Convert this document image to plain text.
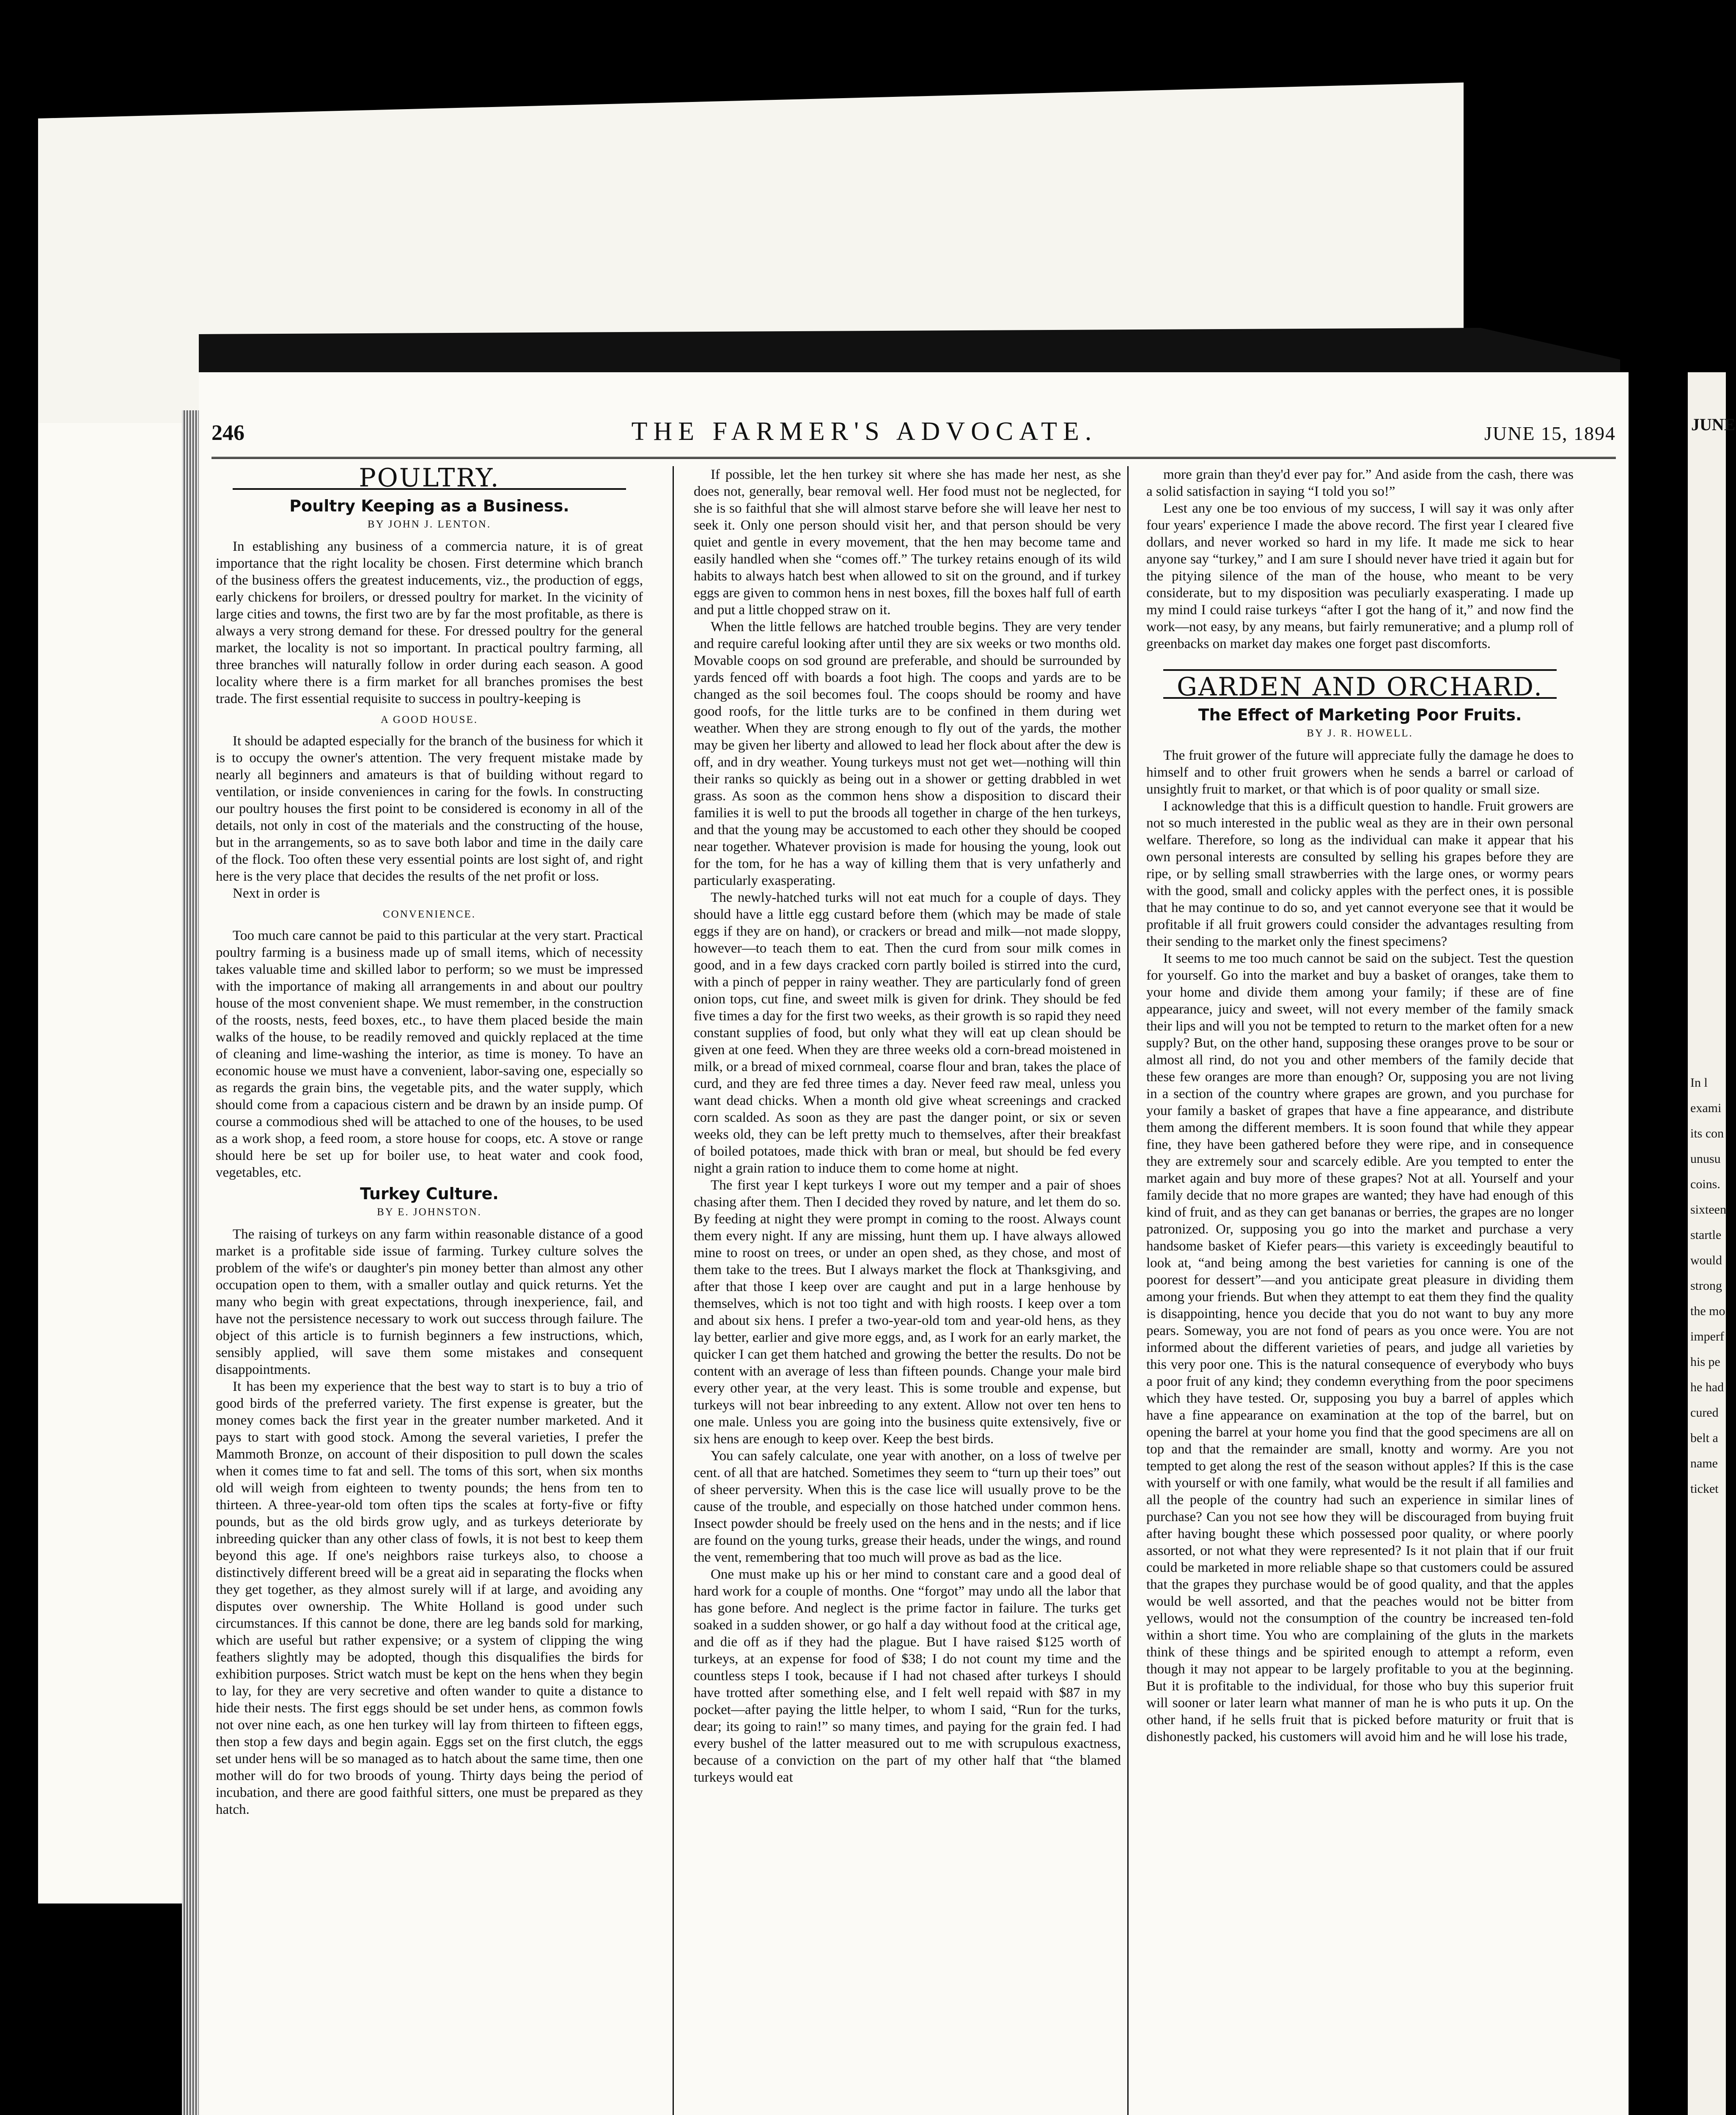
246	THE FARMER'S ADVOCATE.	JUNE 15, 1894
POULTRY.
Poultry Keeping as a Business.
BY JOHN J. LENTON.

In establishing any business of a commercia nature, it is of great importance that the right locality be chosen. First determine which branch of the business offers the greatest inducements, viz., the production of eggs, early chickens for broilers, or dressed poultry for market. In the vicinity of large cities and towns, the first two are by far the most profitable, as there is always a very strong demand for these. For dressed poultry for the general market, the locality is not so important. In practical poultry farming, all three branches will naturally follow in order during each season. A good locality where there is a firm market for all branches promises the best trade. The first essential requisite to success in poultry-keeping is

A GOOD HOUSE.

It should be adapted especially for the branch of the business for which it is to occupy the owner's attention. The very frequent mistake made by nearly all beginners and amateurs is that of building without regard to ventilation, or inside conveniences in caring for the fowls. In constructing our poultry houses the first point to be considered is economy in all of the details, not only in cost of the materials and the constructing of the house, but in the arrangements, so as to save both labor and time in the daily care of the flock. Too often these very essential points are lost sight of, and right here is the very place that decides the results of the net profit or loss.

Next in order is

CONVENIENCE.

Too much care cannot be paid to this particular at the very start. Practical poultry farming is a business made up of small items, which of necessity takes valuable time and skilled labor to perform; so we must be impressed with the importance of making all arrangements in and about our poultry house of the most convenient shape. We must remember, in the construction of the roosts, nests, feed boxes, etc., to have them placed beside the main walks of the house, to be readily removed and quickly replaced at the time of cleaning and lime-washing the interior, as time is money. To have an economic house we must have a convenient, labor-saving one, especially so as regards the grain bins, the vegetable pits, and the water supply, which should come from a capacious cistern and be drawn by an inside pump. Of course a commodious shed will be attached to one of the houses, to be used as a work shop, a feed room, a store house for coops, etc. A stove or range should here be set up for boiler use, to heat water and cook food, vegetables, etc.

Turkey Culture.
BY E. JOHNSTON.

The raising of turkeys on any farm within reasonable distance of a good market is a profitable side issue of farming. Turkey culture solves the problem of the wife's or daughter's pin money better than almost any other occupation open to them, with a smaller outlay and quick returns. Yet the many who begin with great expectations, through inexperience, fail, and have not the persistence necessary to work out success through failure. The object of this article is to furnish beginners a few instructions, which, sensibly applied, will save them some mistakes and consequent disappointments.

It has been my experience that the best way to start is to buy a trio of good birds of the preferred variety. The first expense is greater, but the money comes back the first year in the greater number marketed. And it pays to start with good stock. Among the several varieties, I prefer the Mammoth Bronze, on account of their disposition to pull down the scales when it comes time to fat and sell. The toms of this sort, when six months old will weigh from eighteen to twenty pounds; the hens from ten to thirteen. A three-year-old tom often tips the scales at forty-five or fifty pounds, but as the old birds grow ugly, and as turkeys deteriorate by inbreeding quicker than any other class of fowls, it is not best to keep them beyond this age. If one's neighbors raise turkeys also, to choose a distinctively different breed will be a great aid in separating the flocks when they get together, as they almost surely will if at large, and avoiding any disputes over ownership. The White Holland is good under such circumstances. If this cannot be done, there are leg bands sold for marking, which are useful but rather expensive; or a system of clipping the wing feathers slightly may be adopted, though this disqualifies the birds for exhibition purposes. Strict watch must be kept on the hens when they begin to lay, for they are very secretive and often wander to quite a distance to hide their nests. The first eggs should be set under hens, as common fowls not over nine each, as one hen turkey will lay from thirteen to fifteen eggs, then stop a few days and begin again. Eggs set on the first clutch, the eggs set under hens will be so managed as to hatch about the same time, then one mother will do for two broods of young. Thirty days being the period of incubation, and there are good faithful sitters, one must be prepared as they hatch.

If possible, let the hen turkey sit where she has made her nest, as she does not, generally, bear removal well. Her food must not be neglected, for she is so faithful that she will almost starve before she will leave her nest to seek it. Only one person should visit her, and that person should be very quiet and gentle in every movement, that the hen may become tame and easily handled when she “comes off.” The turkey retains enough of its wild habits to always hatch best when allowed to sit on the ground, and if turkey eggs are given to common hens in nest boxes, fill the boxes half full of earth and put a little chopped straw on it.

When the little fellows are hatched trouble begins. They are very tender and require careful looking after until they are six weeks or two months old. Movable coops on sod ground are preferable, and should be surrounded by yards fenced off with boards a foot high. The coops and yards are to be changed as the soil becomes foul. The coops should be roomy and have good roofs, for the little turks are to be confined in them during wet weather. When they are strong enough to fly out of the yards, the mother may be given her liberty and allowed to lead her flock about after the dew is off, and in dry weather. Young turkeys must not get wet—nothing will thin their ranks so quickly as being out in a shower or getting drabbled in wet grass. As soon as the common hens show a disposition to discard their families it is well to put the broods all together in charge of the hen turkeys, and that the young may be accustomed to each other they should be cooped near together. Whatever provision is made for housing the young, look out for the tom, for he has a way of killing them that is very unfatherly and particularly exasperating.

The newly-hatched turks will not eat much for a couple of days. They should have a little egg custard before them (which may be made of stale eggs if they are on hand), or crackers or bread and milk—not made sloppy, however—to teach them to eat. Then the curd from sour milk comes in good, and in a few days cracked corn partly boiled is stirred into the curd, with a pinch of pepper in rainy weather. They are particularly fond of green onion tops, cut fine, and sweet milk is given for drink. They should be fed five times a day for the first two weeks, as their growth is so rapid they need constant supplies of food, but only what they will eat up clean should be given at one feed. When they are three weeks old a corn-bread moistened in milk, or a bread of mixed cornmeal, coarse flour and bran, takes the place of curd, and they are fed three times a day. Never feed raw meal, unless you want dead chicks. When a month old give wheat screenings and cracked corn scalded. As soon as they are past the danger point, or six or seven weeks old, they can be left pretty much to themselves, after their breakfast of boiled potatoes, made thick with bran or meal, but should be fed every night a grain ration to induce them to come home at night.

The first year I kept turkeys I wore out my temper and a pair of shoes chasing after them. Then I decided they roved by nature, and let them do so. By feeding at night they were prompt in coming to the roost. Always count them every night. If any are missing, hunt them up. I have always allowed mine to roost on trees, or under an open shed, as they chose, and most of them take to the trees. But I always market the flock at Thanksgiving, and after that those I keep over are caught and put in a large henhouse by themselves, which is not too tight and with high roosts. I keep over a tom and about six hens. I prefer a two-year-old tom and year-old hens, as they lay better, earlier and give more eggs, and, as I work for an early market, the quicker I can get them hatched and growing the better the results. Do not be content with an average of less than fifteen pounds. Change your male bird every other year, at the very least. This is some trouble and expense, but turkeys will not bear inbreeding to any extent. Allow not over ten hens to one male. Unless you are going into the business quite extensively, five or six hens are enough to keep over. Keep the best birds.

You can safely calculate, one year with another, on a loss of twelve per cent. of all that are hatched. Sometimes they seem to “turn up their toes” out of sheer perversity. When this is the case lice will usually prove to be the cause of the trouble, and especially on those hatched under common hens. Insect powder should be freely used on the hens and in the nests; and if lice are found on the young turks, grease their heads, under the wings, and round the vent, remembering that too much will prove as bad as the lice.

One must make up his or her mind to constant care and a good deal of hard work for a couple of months. One “forgot” may undo all the labor that has gone before. And neglect is the prime factor in failure. The turks get soaked in a sudden shower, or go half a day without food at the critical age, and die off as if they had the plague. But I have raised $125 worth of turkeys, at an expense for food of $38; I do not count my time and the countless steps I took, because if I had not chased after turkeys I should have trotted after something else, and I felt well repaid with $87 in my pocket—after paying the little helper, to whom I said, “Run for the turks, dear; its going to rain!” so many times, and paying for the grain fed. I had every bushel of the latter measured out to me with scrupulous exactness, because of a conviction on the part of my other half that “the blamed turkeys would eat

more grain than they'd ever pay for.” And aside from the cash, there was a solid satisfaction in saying “I told you so!”

Lest any one be too envious of my success, I will say it was only after four years' experience I made the above record. The first year I cleared five dollars, and never worked so hard in my life. It made me sick to hear anyone say “turkey,” and I am sure I should never have tried it again but for the pitying silence of the man of the house, who meant to be very considerate, but to my disposition was peculiarly exasperating. I made up my mind I could raise turkeys “after I got the hang of it,” and now find the work—not easy, by any means, but fairly remunerative; and a plump roll of greenbacks on market day makes one forget past discomforts.

GARDEN AND ORCHARD.
The Effect of Marketing Poor Fruits.
BY J. R. HOWELL.

The fruit grower of the future will appreciate fully the damage he does to himself and to other fruit growers when he sends a barrel or carload of unsightly fruit to market, or that which is of poor quality or small size.

I acknowledge that this is a difficult question to handle. Fruit growers are not so much interested in the public weal as they are in their own personal welfare. Therefore, so long as the individual can make it appear that his own personal interests are consulted by selling his grapes before they are ripe, or by selling small strawberries with the large ones, or wormy pears with the good, small and colicky apples with the perfect ones, it is possible that he may continue to do so, and yet cannot everyone see that it would be profitable if all fruit growers could consider the advantages resulting from their sending to the market only the finest specimens?

It seems to me too much cannot be said on the subject. Test the question for yourself. Go into the market and buy a basket of oranges, take them to your home and divide them among your family; if these are of fine appearance, juicy and sweet, will not every member of the family smack their lips and will you not be tempted to return to the market often for a new supply? But, on the other hand, supposing these oranges prove to be sour or almost all rind, do not you and other members of the family decide that these few oranges are more than enough? Or, supposing you are not living in a section of the country where grapes are grown, and you purchase for your family a basket of grapes that have a fine appearance, and distribute them among the different members. It is soon found that while they appear fine, they have been gathered before they were ripe, and in consequence they are extremely sour and scarcely edible. Are you tempted to enter the market again and buy more of these grapes? Not at all. Yourself and your family decide that no more grapes are wanted; they have had enough of this kind of fruit, and as they can get bananas or berries, the grapes are no longer patronized. Or, supposing you go into the market and purchase a very handsome basket of Kiefer pears—this variety is exceedingly beautiful to look at, “and being among the best varieties for canning is one of the poorest for dessert”—and you anticipate great pleasure in dividing them among your friends. But when they attempt to eat them they find the quality is disappointing, hence you decide that you do not want to buy any more pears. Someway, you are not fond of pears as you once were. You are not informed about the different varieties of pears, and judge all varieties by this very poor one. This is the natural consequence of everybody who buys a poor fruit of any kind; they condemn everything from the poor specimens which they have tested. Or, supposing you buy a barrel of apples which have a fine appearance on examination at the top of the barrel, but on opening the barrel at your home you find that the good specimens are all on top and that the remainder are small, knotty and wormy. Are you not tempted to get along the rest of the season without apples? If this is the case with yourself or with one family, what would be the result if all families and all the people of the country had such an experience in similar lines of purchase? Can you not see how they will be discouraged from buying fruit after having bought these which possessed poor quality, or where poorly assorted, or not what they were represented? Is it not plain that if our fruit could be marketed in more reliable shape so that customers could be assured that the grapes they purchase would be of good quality, and that the apples would be well assorted, and that the peaches would not be bitter from yellows, would not the consumption of the country be increased ten-fold within a short time. You who are complaining of the gluts in the markets think of these things and be spirited enough to attempt a reform, even though it may not appear to be largely profitable to you at the beginning. But it is profitable to the individual, for those who buy this superior fruit will sooner or later learn what manner of man he is who puts it up. On the other hand, if he sells fruit that is picked before maturity or fruit that is dishonestly packed, his customers will avoid him and he will lose his trade,

JUNE
In l
exami
its con
unusu
coins.
sixteen
startle
would
strong
the mo
imperf
his pe
he had
cured
belt a
name
ticket
